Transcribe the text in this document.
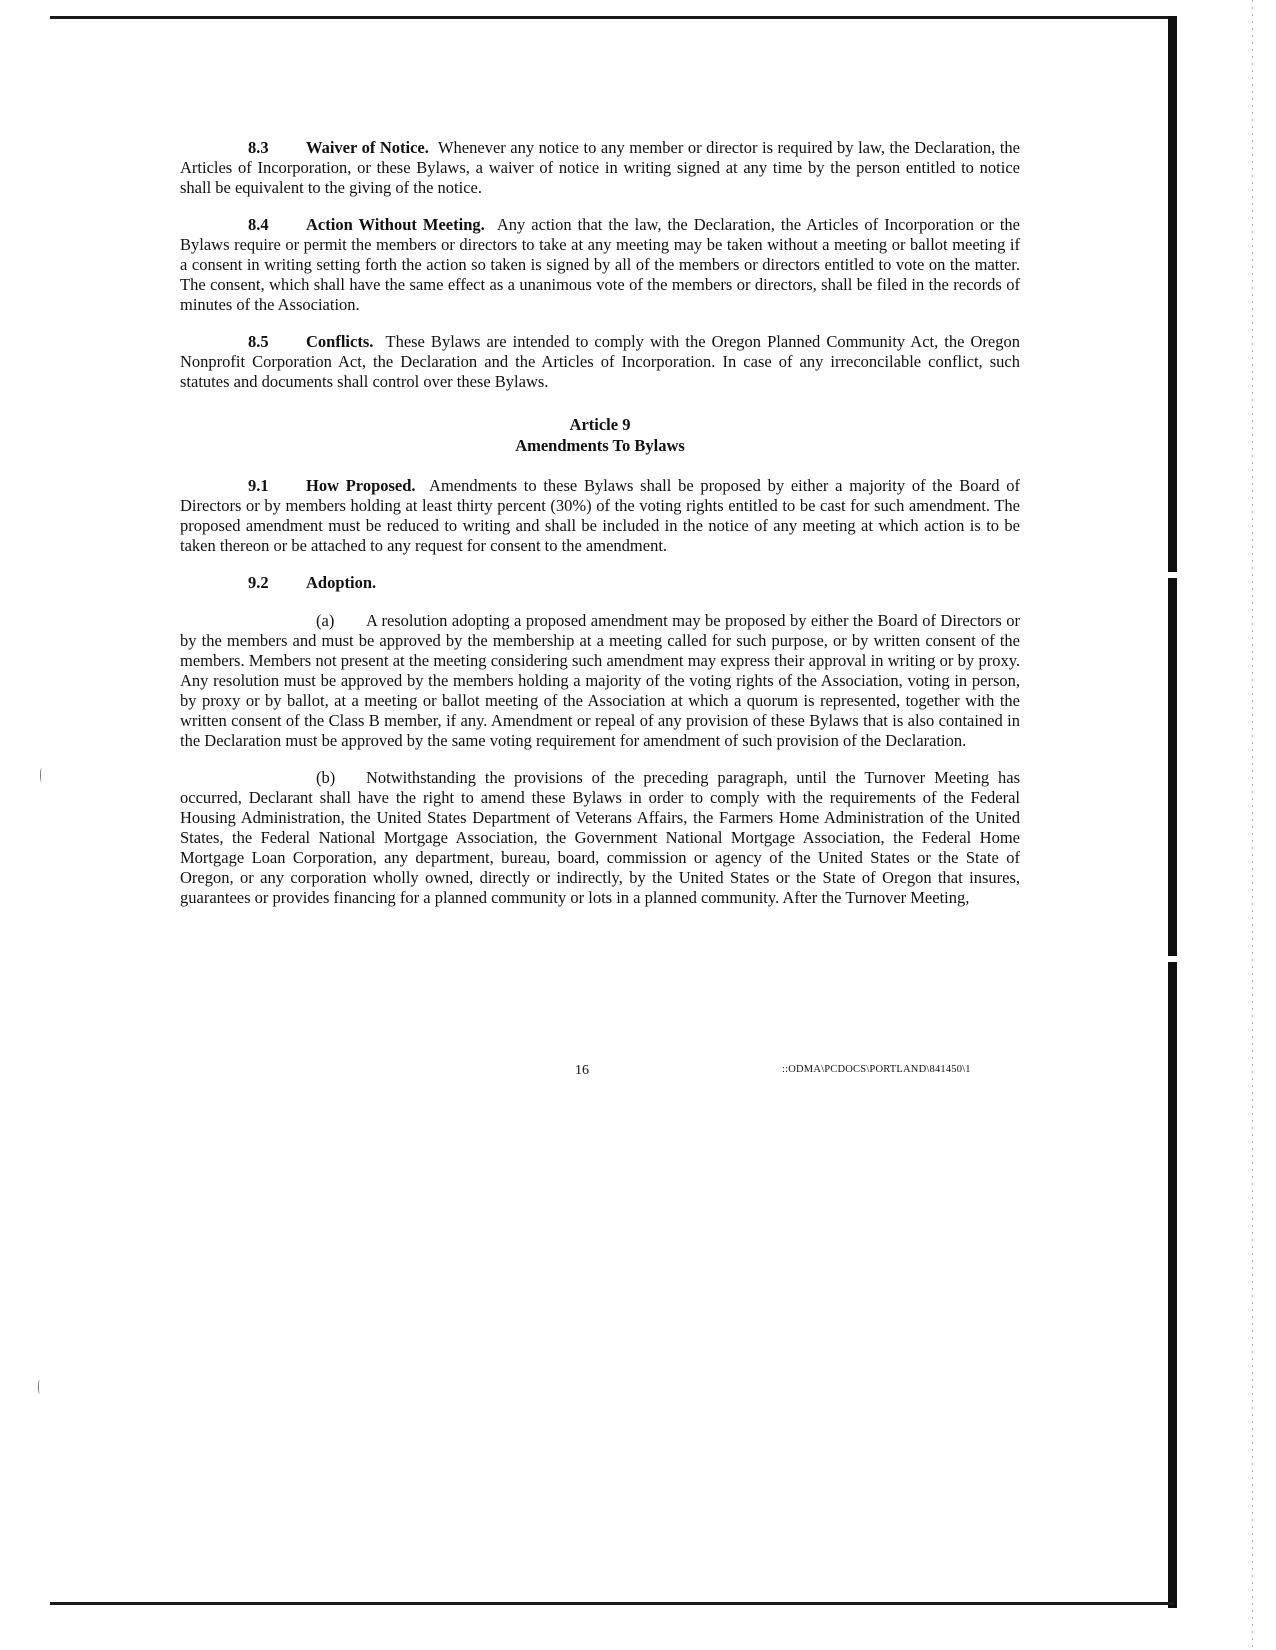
8.3 Waiver of Notice. Whenever any notice to any member or director is required by law, the Declaration, the Articles of Incorporation, or these Bylaws, a waiver of notice in writing signed at any time by the person entitled to notice shall be equivalent to the giving of the notice.

8.4 Action Without Meeting. Any action that the law, the Declaration, the Articles of Incorporation or the Bylaws require or permit the members or directors to take at any meeting may be taken without a meeting or ballot meeting if a consent in writing setting forth the action so taken is signed by all of the members or directors entitled to vote on the matter. The consent, which shall have the same effect as a unanimous vote of the members or directors, shall be filed in the records of minutes of the Association.

8.5 Conflicts. These Bylaws are intended to comply with the Oregon Planned Community Act, the Oregon Nonprofit Corporation Act, the Declaration and the Articles of Incorporation. In case of any irreconcilable conflict, such statutes and documents shall control over these Bylaws.

Article 9
Amendments To Bylaws

9.1 How Proposed. Amendments to these Bylaws shall be proposed by either a majority of the Board of Directors or by members holding at least thirty percent (30%) of the voting rights entitled to be cast for such amendment. The proposed amendment must be reduced to writing and shall be included in the notice of any meeting at which action is to be taken thereon or be attached to any request for consent to the amendment.

9.2 Adoption.

(a) A resolution adopting a proposed amendment may be proposed by either the Board of Directors or by the members and must be approved by the membership at a meeting called for such purpose, or by written consent of the members. Members not present at the meeting considering such amendment may express their approval in writing or by proxy. Any resolution must be approved by the members holding a majority of the voting rights of the Association, voting in person, by proxy or by ballot, at a meeting or ballot meeting of the Association at which a quorum is represented, together with the written consent of the Class B member, if any. Amendment or repeal of any provision of these Bylaws that is also contained in the Declaration must be approved by the same voting requirement for amendment of such provision of the Declaration.

(b) Notwithstanding the provisions of the preceding paragraph, until the Turnover Meeting has occurred, Declarant shall have the right to amend these Bylaws in order to comply with the requirements of the Federal Housing Administration, the United States Department of Veterans Affairs, the Farmers Home Administration of the United States, the Federal National Mortgage Association, the Government National Mortgage Association, the Federal Home Mortgage Loan Corporation, any department, bureau, board, commission or agency of the United States or the State of Oregon, or any corporation wholly owned, directly or indirectly, by the United States or the State of Oregon that insures, guarantees or provides financing for a planned community or lots in a planned community. After the Turnover Meeting,

16	::ODMA\PCDOCS\PORTLAND\841450\1
